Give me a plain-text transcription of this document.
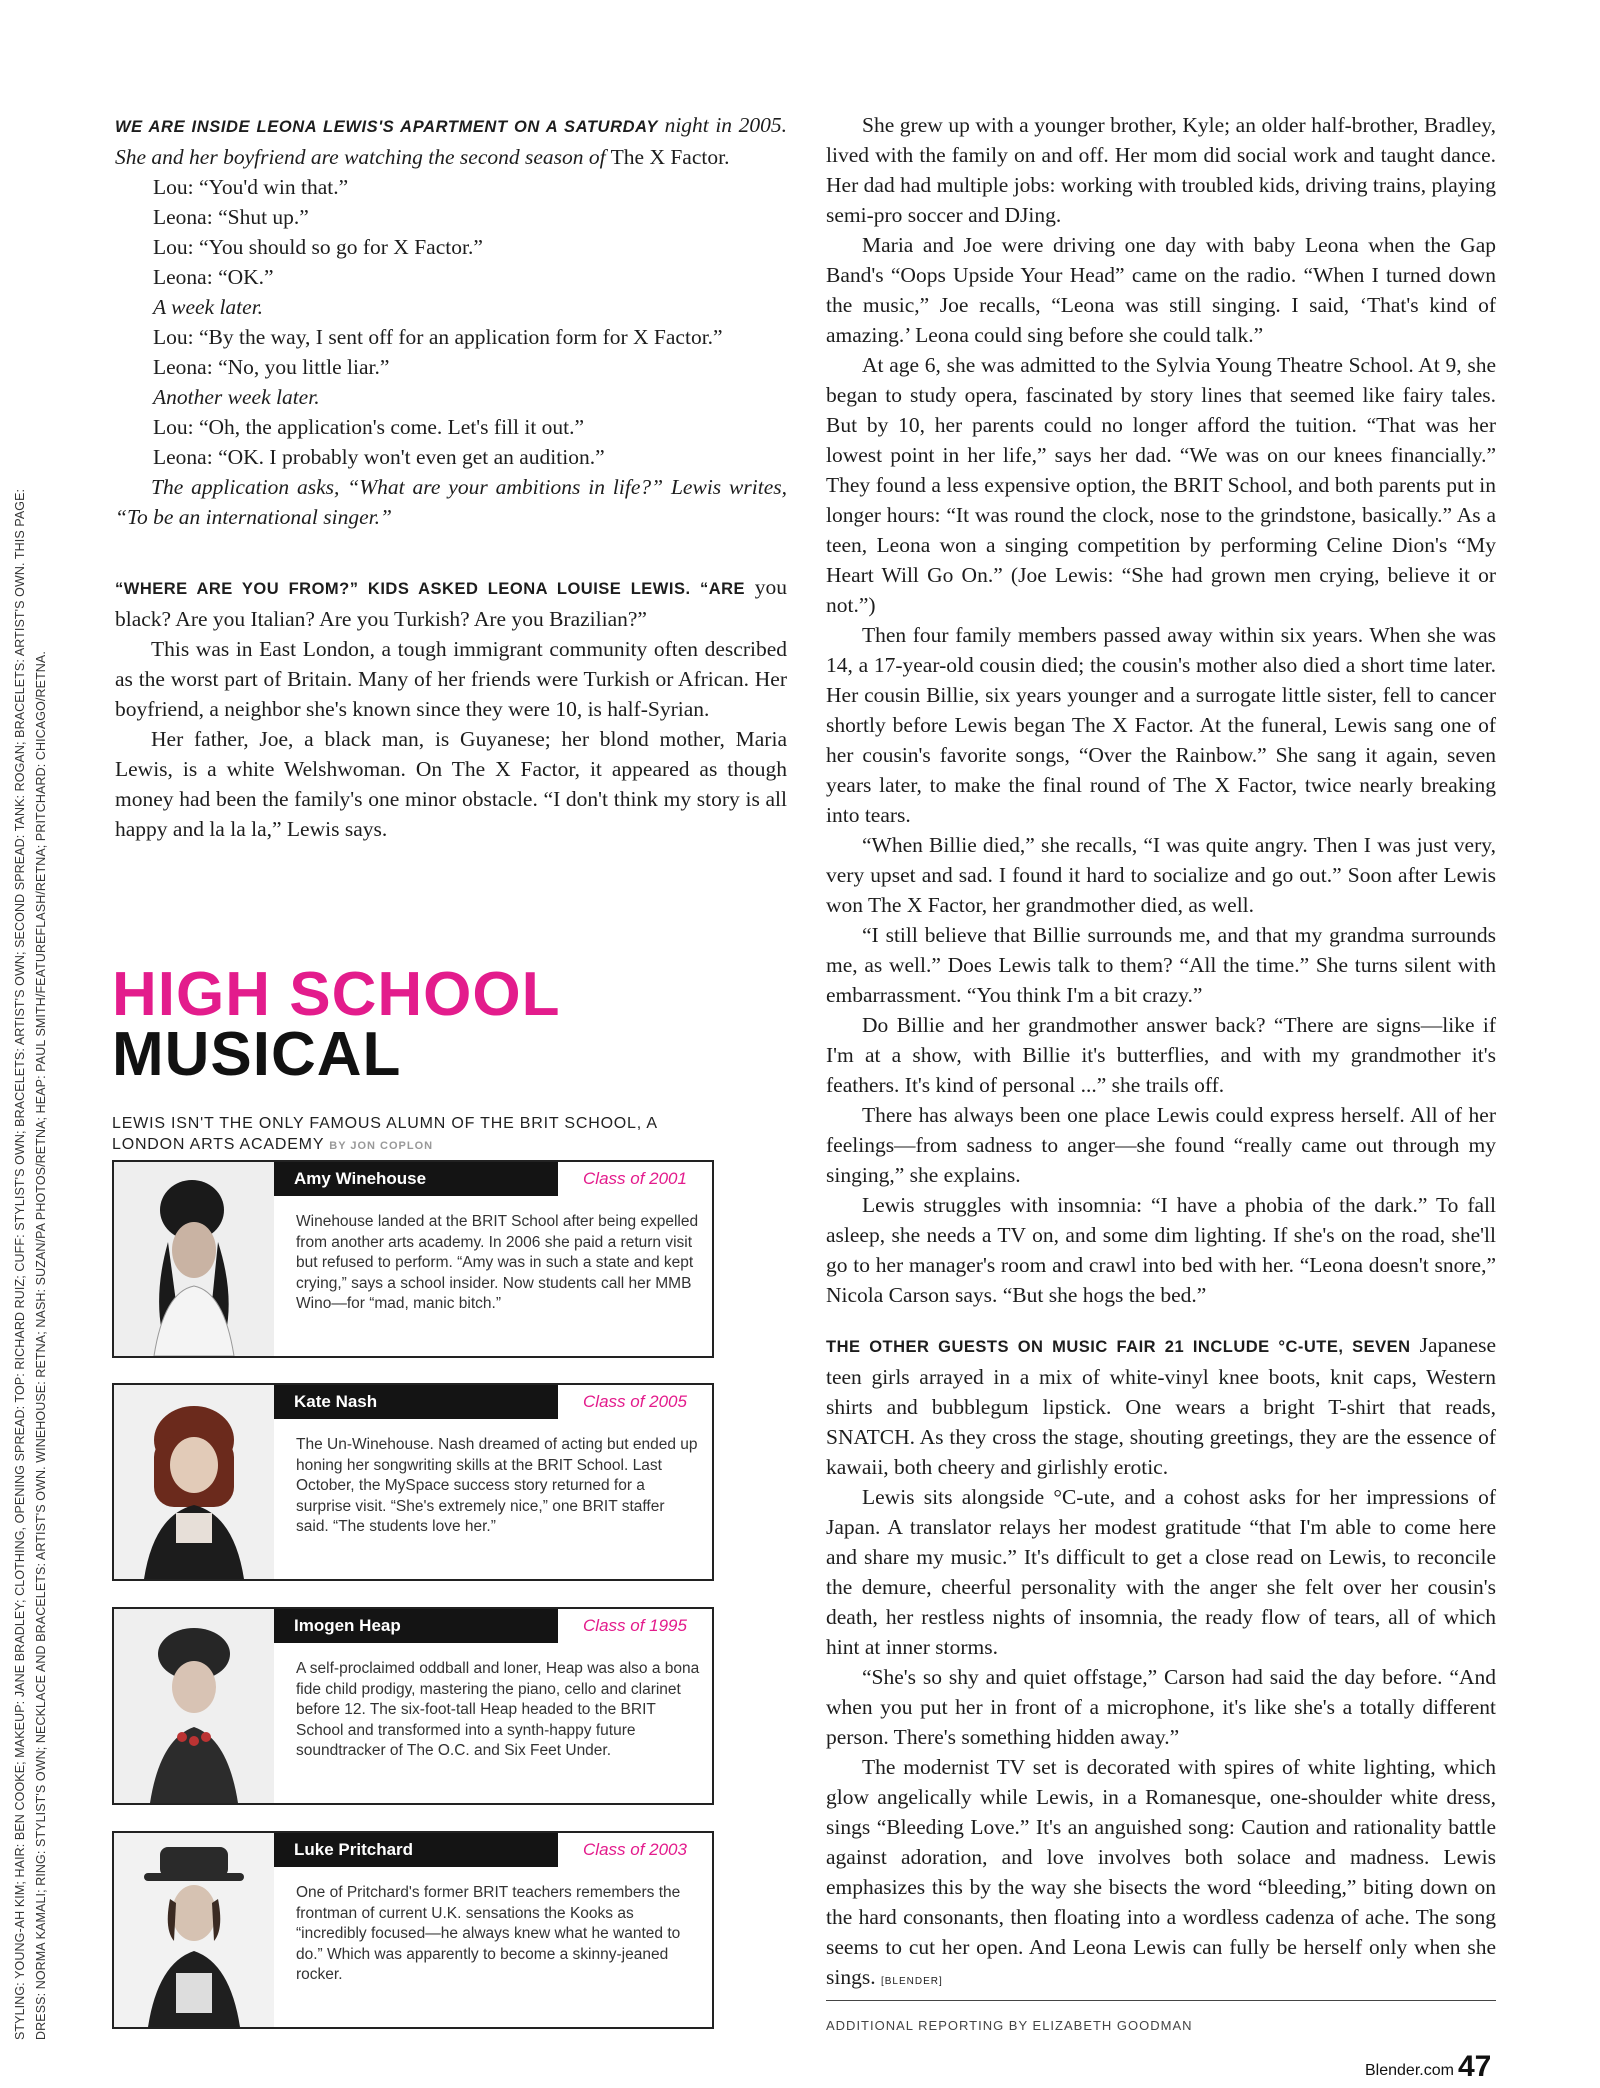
STYLING: YOUNG-AH KIM; HAIR: BEN COOKE; MAKEUP: JANE BRADLEY; CLOTHING, OPENING SPREAD: TOP: RICHARD RUIZ; CUFF: STYLIST'S OWN; BRACELETS: ARTIST'S OWN; SECOND SPREAD: TANK: ROGAN; BRACELETS: ARTIST'S OWN. THIS PAGE: DRESS: NORMA KAMALI; RING: STYLIST'S OWN; NECKLACE AND BRACELETS: ARTIST'S OWN. WINEHOUSE: RETNA; NASH: SUZAN/PA PHOTOS/RETNA; HEAP: PAUL SMITH/FEATUREFLASH/RETNA; PRITCHARD: CHICAGO/RETNA.

WE ARE INSIDE LEONA LEWIS'S APARTMENT ON A SATURDAY night in 2005. She and her boyfriend are watching the second season of The X Factor.

Lou: “You'd win that.”

Leona: “Shut up.”

Lou: “You should so go for X Factor.”

Leona: “OK.”

A week later.

Lou: “By the way, I sent off for an application form for X Factor.”

Leona: “No, you little liar.”

Another week later.

Lou: “Oh, the application's come. Let's fill it out.”

Leona: “OK. I probably won't even get an audition.”

The application asks, “What are your ambitions in life?” Lewis writes, “To be an international singer.”

“WHERE ARE YOU FROM?” KIDS ASKED LEONA LOUISE LEWIS. “ARE you black? Are you Italian? Are you Turkish? Are you Brazilian?”

This was in East London, a tough immigrant community often described as the worst part of Britain. Many of her friends were Turkish or African. Her boyfriend, a neighbor she's known since they were 10, is half-Syrian.

Her father, Joe, a black man, is Guyanese; her blond mother, Maria Lewis, is a white Welshwoman. On The X Factor, it appeared as though money had been the family's one minor obstacle. “I don't think my story is all happy and la la la,” Lewis says.

HIGH SCHOOL
MUSICAL
LEWIS ISN'T THE ONLY FAMOUS ALUMN OF THE BRIT SCHOOL, A LONDON ARTS ACADEMY BY JON COPLON
Amy Winehouse	Class of 2001
Winehouse landed at the BRIT School after being expelled from another arts academy. In 2006 she paid a return visit but refused to perform. “Amy was in such a state and kept crying,” says a school insider. Now students call her MMB Wino—for “mad, manic bitch.”
Kate Nash	Class of 2005
The Un-Winehouse. Nash dreamed of acting but ended up honing her songwriting skills at the BRIT School. Last October, the MySpace success story returned for a surprise visit. “She's extremely nice,” one BRIT staffer said. “The students love her.”
Imogen Heap	Class of 1995
A self-proclaimed oddball and loner, Heap was also a bona fide child prodigy, mastering the piano, cello and clarinet before 12. The six-foot-tall Heap headed to the BRIT School and transformed into a synth-happy future soundtracker of The O.C. and Six Feet Under.
Luke Pritchard	Class of 2003
One of Pritchard's former BRIT teachers remembers the frontman of current U.K. sensations the Kooks as “incredibly focused—he always knew what he wanted to do.” Which was apparently to become a skinny-jeaned rocker.

She grew up with a younger brother, Kyle; an older half-brother, Bradley, lived with the family on and off. Her mom did social work and taught dance. Her dad had multiple jobs: working with troubled kids, driving trains, playing semi-pro soccer and DJing.

Maria and Joe were driving one day with baby Leona when the Gap Band's “Oops Upside Your Head” came on the radio. “When I turned down the music,” Joe recalls, “Leona was still singing. I said, ‘That's kind of amazing.’ Leona could sing before she could talk.”

At age 6, she was admitted to the Sylvia Young Theatre School. At 9, she began to study opera, fascinated by story lines that seemed like fairy tales. But by 10, her parents could no longer afford the tuition. “That was her lowest point in her life,” says her dad. “We was on our knees financially.” They found a less expensive option, the BRIT School, and both parents put in longer hours: “It was round the clock, nose to the grindstone, basically.” As a teen, Leona won a singing competition by performing Celine Dion's “My Heart Will Go On.” (Joe Lewis: “She had grown men crying, believe it or not.”)

Then four family members passed away within six years. When she was 14, a 17-year-old cousin died; the cousin's mother also died a short time later. Her cousin Billie, six years younger and a surrogate little sister, fell to cancer shortly before Lewis began The X Factor. At the funeral, Lewis sang one of her cousin's favorite songs, “Over the Rainbow.” She sang it again, seven years later, to make the final round of The X Factor, twice nearly breaking into tears.

“When Billie died,” she recalls, “I was quite angry. Then I was just very, very upset and sad. I found it hard to socialize and go out.” Soon after Lewis won The X Factor, her grandmother died, as well.

“I still believe that Billie surrounds me, and that my grandma surrounds me, as well.” Does Lewis talk to them? “All the time.” She turns silent with embarrassment. “You think I'm a bit crazy.”

Do Billie and her grandmother answer back? “There are signs—like if I'm at a show, with Billie it's butterflies, and with my grandmother it's feathers. It's kind of personal ...” she trails off.

There has always been one place Lewis could express herself. All of her feelings—from sadness to anger—she found “really came out through my singing,” she explains.

Lewis struggles with insomnia: “I have a phobia of the dark.” To fall asleep, she needs a TV on, and some dim lighting. If she's on the road, she'll go to her manager's room and crawl into bed with her. “Leona doesn't snore,” Nicola Carson says. “But she hogs the bed.”

THE OTHER GUESTS ON MUSIC FAIR 21 INCLUDE °C-UTE, SEVEN Japanese teen girls arrayed in a mix of white-vinyl knee boots, knit caps, Western shirts and bubblegum lipstick. One wears a bright T-shirt that reads, SNATCH. As they cross the stage, shouting greetings, they are the essence of kawaii, both cheery and girlishly erotic.

Lewis sits alongside °C-ute, and a cohost asks for her impressions of Japan. A translator relays her modest gratitude “that I'm able to come here and share my music.” It's difficult to get a close read on Lewis, to reconcile the demure, cheerful personality with the anger she felt over her cousin's death, her restless nights of insomnia, the ready flow of tears, all of which hint at inner storms.

“She's so shy and quiet offstage,” Carson had said the day before. “And when you put her in front of a microphone, it's like she's a totally different person. There's something hidden away.”

The modernist TV set is decorated with spires of white lighting, which glow angelically while Lewis, in a Romanesque, one-shoulder white dress, sings “Bleeding Love.” It's an anguished song: Caution and rationality battle against adoration, and love involves both solace and madness. Lewis emphasizes this by the way she bisects the word “bleeding,” biting down on the hard consonants, then floating into a wordless cadenza of ache. The song seems to cut her open. And Leona Lewis can fully be herself only when she sings. [BLENDER]

ADDITIONAL REPORTING BY ELIZABETH GOODMAN
Blender.com 47
